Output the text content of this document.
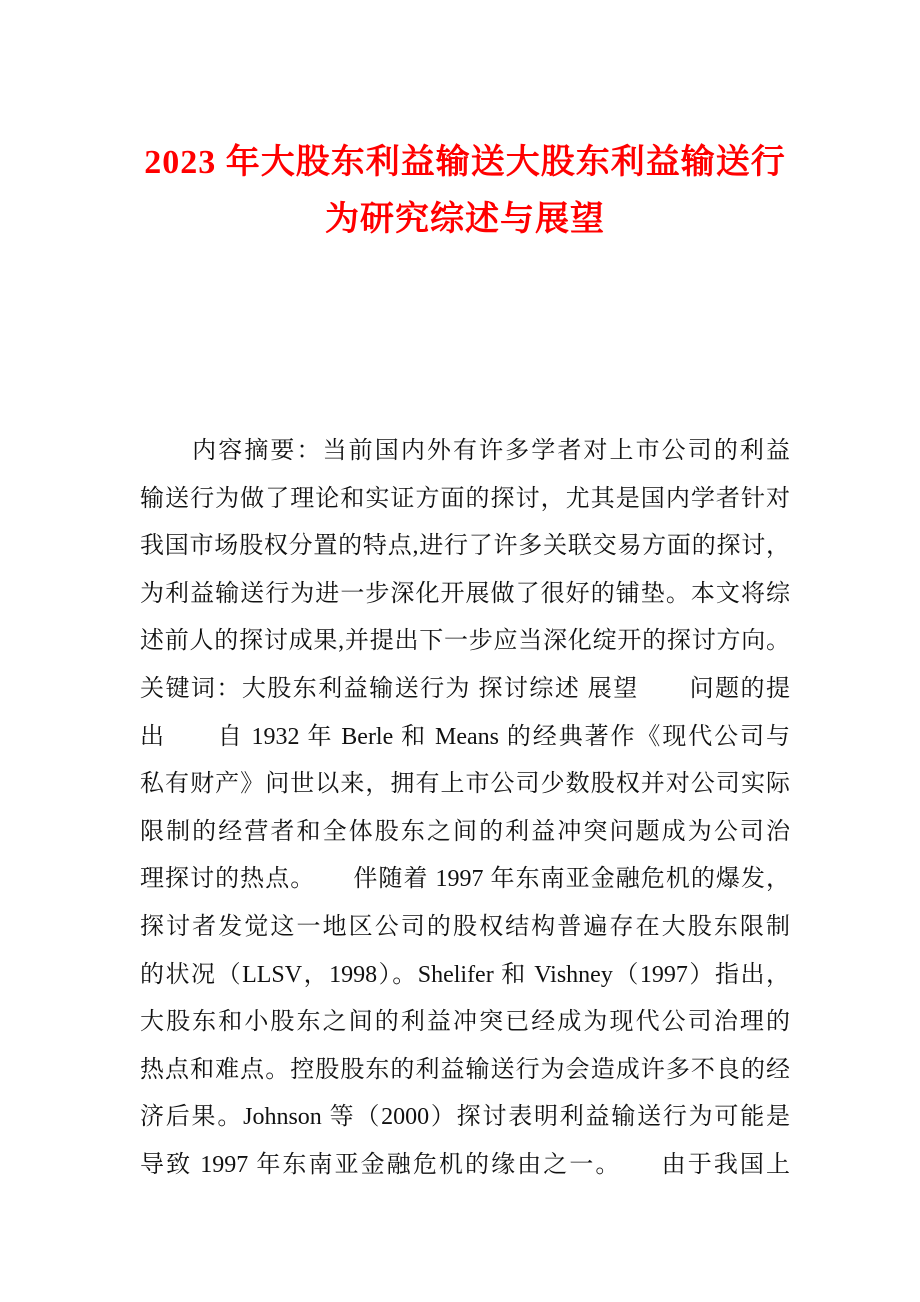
2023 年大股东利益输送大股东利益输送行
为研究综述与展望
　　内容摘要：当前国内外有许多学者对上市公司的利益
输送行为做了理论和实证方面的探讨，尤其是国内学者针对
我国市场股权分置的特点,进行了许多关联交易方面的探讨，
为利益输送行为进一步深化开展做了很好的铺垫。本文将综
述前人的探讨成果,并提出下一步应当深化绽开的探讨方向。
关键词：大股东利益输送行为 探讨综述 展望　　问题的提
出　　自 1932 年 Berle 和 Means 的经典著作《现代公司与
私有财产》问世以来，拥有上市公司少数股权并对公司实际
限制的经营者和全体股东之间的利益冲突问题成为公司治
理探讨的热点。　　伴随着 1997 年东南亚金融危机的爆发，
探讨者发觉这一地区公司的股权结构普遍存在大股东限制
的状况（LLSV，1998）。Shelifer 和 Vishney（1997）指出，
大股东和小股东之间的利益冲突已经成为现代公司治理的
热点和难点。控股股东的利益输送行为会造成许多不良的经
济后果。Johnson 等（2000）探讨表明利益输送行为可能是
导致 1997 年东南亚金融危机的缘由之一。　　由于我国上
